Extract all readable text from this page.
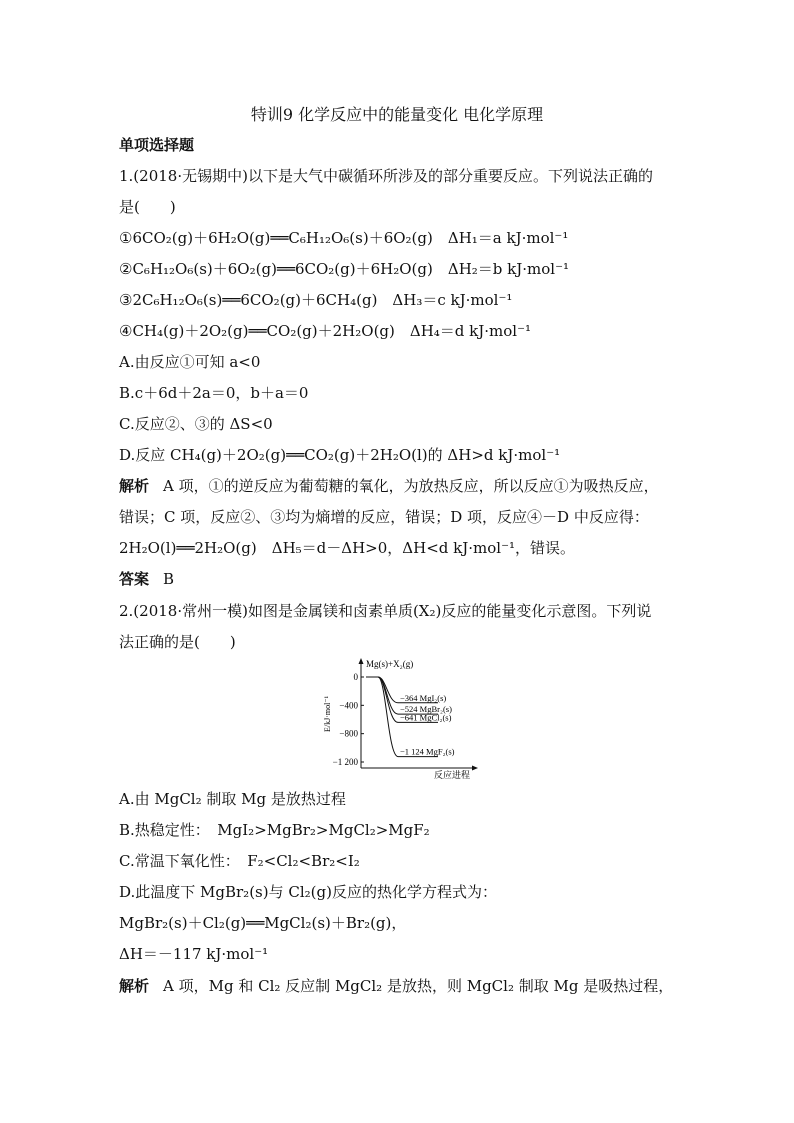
特训9 化学反应中的能量变化 电化学原理
单项选择题
1.(2018·无锡期中)以下是大气中碳循环所涉及的部分重要反应。下列说法正确的
是(　　)
①6CO₂(g)＋6H₂O(g)══C₆H₁₂O₆(s)＋6O₂(g)　ΔH₁＝a kJ·mol⁻¹
②C₆H₁₂O₆(s)＋6O₂(g)══6CO₂(g)＋6H₂O(g)　ΔH₂＝b kJ·mol⁻¹
③2C₆H₁₂O₆(s)══6CO₂(g)＋6CH₄(g)　ΔH₃＝c kJ·mol⁻¹
④CH₄(g)＋2O₂(g)══CO₂(g)＋2H₂O(g)　ΔH₄＝d kJ·mol⁻¹
A.由反应①可知 a<0
B.c＋6d＋2a＝0，b＋a＝0
C.反应②、③的 ΔS<0
D.反应 CH₄(g)＋2O₂(g)══CO₂(g)＋2H₂O(l)的 ΔH>d kJ·mol⁻¹
解析 A 项，①的逆反应为葡萄糖的氧化，为放热反应，所以反应①为吸热反应，
错误；C 项，反应②、③均为熵增的反应，错误；D 项，反应④－D 中反应得：
2H₂O(l)══2H₂O(g)　ΔH₅＝d－ΔH>0，ΔH<d kJ·mol⁻¹，错误。
答案 B
2.(2018·常州一模)如图是金属镁和卤素单质(X₂)反应的能量变化示意图。下列说
法正确的是(　　)
0
−400
−800
−1 200
−364 MgI₂(s)
−524 MgBr₂(s)
−641 MgCl₂(s)
−1 124 MgF₂(s)
Mg(s)+X₂(g)
反应进程
E/kJ·mol⁻¹
A.由 MgCl₂ 制取 Mg 是放热过程
B.热稳定性：　MgI₂>MgBr₂>MgCl₂>MgF₂
C.常温下氧化性：　F₂<Cl₂<Br₂<I₂
D.此温度下 MgBr₂(s)与 Cl₂(g)反应的热化学方程式为：
MgBr₂(s)＋Cl₂(g)══MgCl₂(s)＋Br₂(g)，
ΔH＝－117 kJ·mol⁻¹
解析 A 项，Mg 和 Cl₂ 反应制 MgCl₂ 是放热，则 MgCl₂ 制取 Mg 是吸热过程，
